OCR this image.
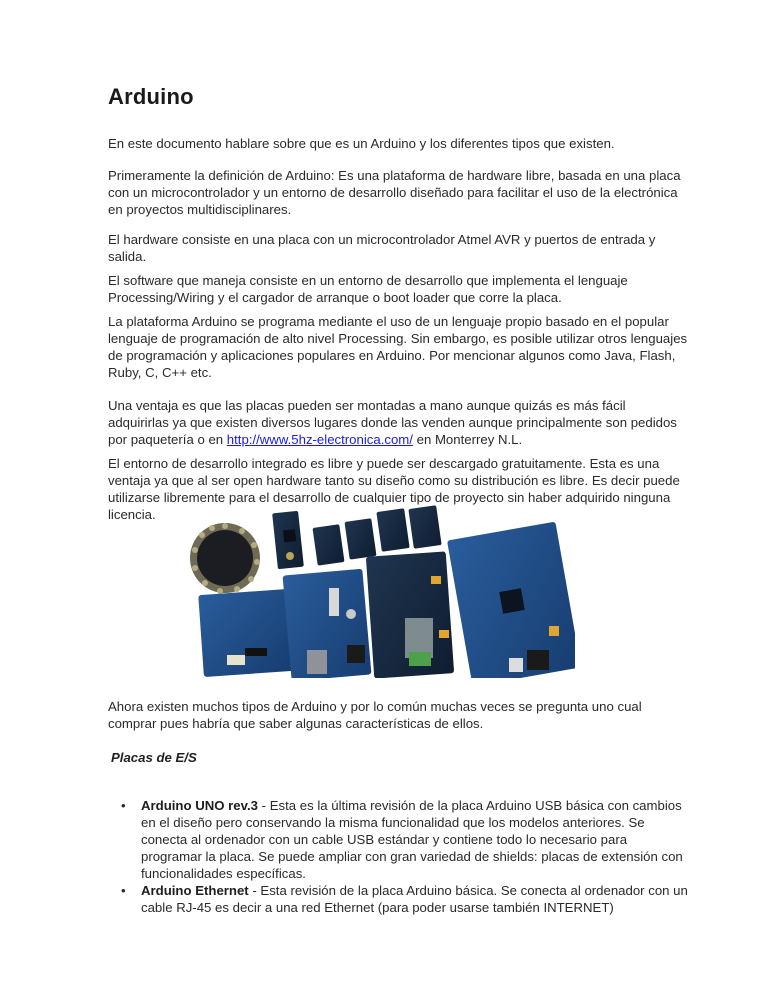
Arduino

En este documento hablare sobre que es un Arduino y los diferentes tipos que existen.

Primeramente la definición de Arduino: Es una plataforma de hardware libre, basada en una placa con un microcontrolador y un entorno de desarrollo diseñado para facilitar el uso de la electrónica en proyectos multidisciplinares.

El hardware consiste en una placa con un microcontrolador Atmel AVR y puertos de entrada y salida.

El software que maneja consiste en un entorno de desarrollo que implementa el lenguaje Processing/Wiring y el cargador de arranque o boot loader que corre la placa.

La plataforma Arduino se programa mediante el uso de un lenguaje propio basado en el popular lenguaje de programación de alto nivel Processing. Sin embargo, es posible utilizar otros lenguajes de programación y aplicaciones populares en Arduino. Por mencionar algunos como Java, Flash, Ruby, C, C++ etc.

Una ventaja es que las placas pueden ser montadas a mano aunque quizás es más fácil adquirirlas ya que existen diversos lugares donde las venden aunque principalmente son pedidos por paquetería o en http://www.5hz-electronica.com/ en Monterrey N.L.

El entorno de desarrollo integrado es libre y puede ser descargado gratuitamente. Esta es una ventaja ya que al ser open hardware tanto su diseño como su distribución es libre. Es decir puede utilizarse libremente para el desarrollo de cualquier tipo de proyecto sin haber adquirido ninguna licencia.

Ahora existen muchos tipos de Arduino y por lo común muchas veces se pregunta uno cual comprar pues habría que saber algunas características de ellos.

Placas de E/S
• Arduino UNO rev.3 - Esta es la última revisión de la placa Arduino USB básica con cambios en el diseño pero conservando la misma funcionalidad que los modelos anteriores. Se conecta al ordenador con un cable USB estándar y contiene todo lo necesario para programar la placa. Se puede ampliar con gran variedad de shields: placas de extensión con funcionalidades específicas.
• Arduino Ethernet - Esta revisión de la placa Arduino básica. Se conecta al ordenador con un cable RJ-45 es decir a una red Ethernet (para poder usarse también INTERNET)
